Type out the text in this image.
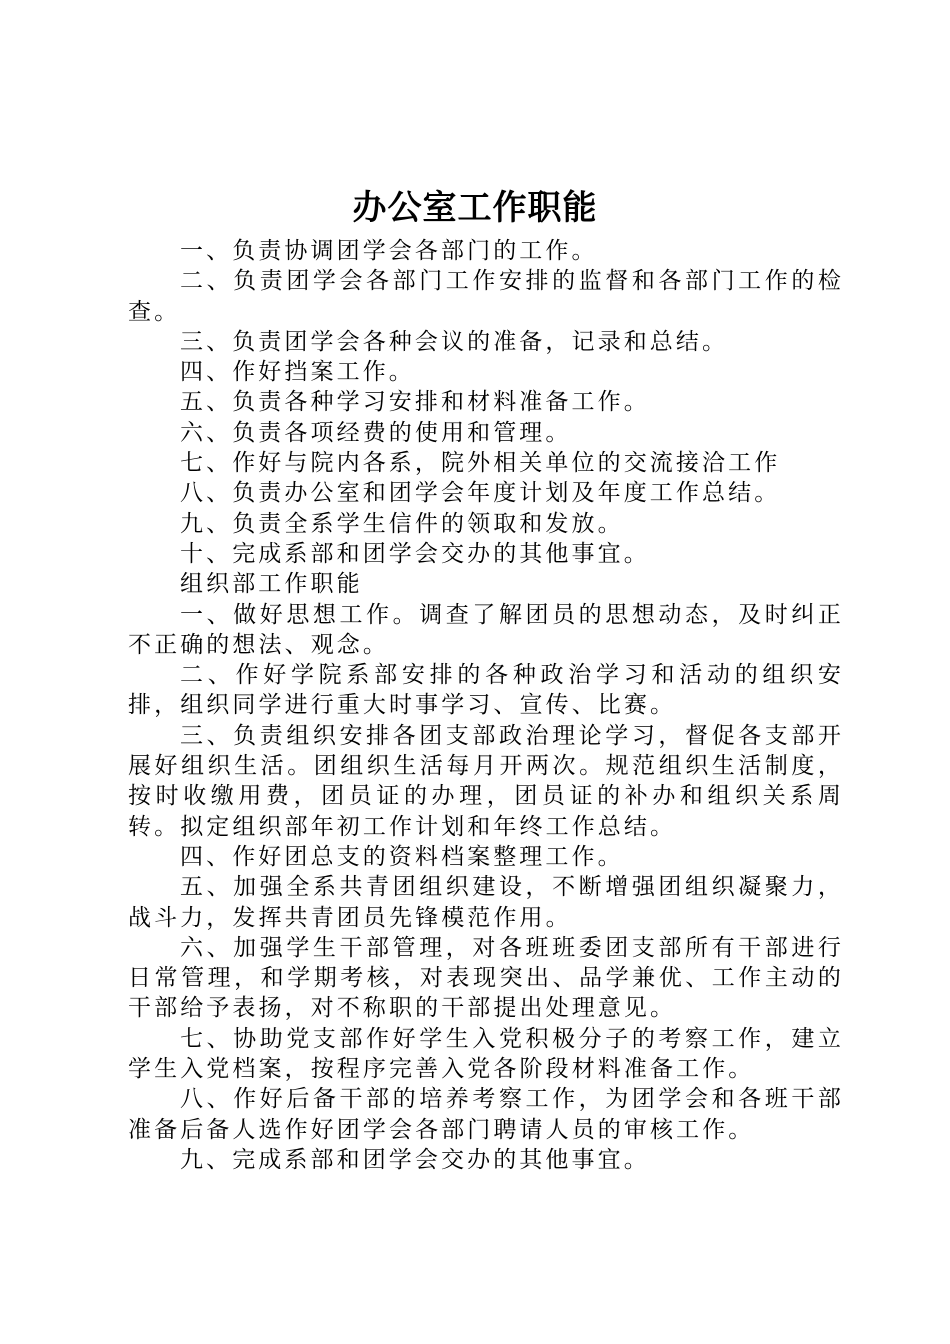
办公室工作职能

一、负责协调团学会各部门的工作。

二、负责团学会各部门工作安排的监督和各部门工作的检查。

三、负责团学会各种会议的准备，记录和总结。

四、作好挡案工作。

五、负责各种学习安排和材料准备工作。

六、负责各项经费的使用和管理。

七、作好与院内各系，院外相关单位的交流接洽工作

八、负责办公室和团学会年度计划及年度工作总结。

九、负责全系学生信件的领取和发放。

十、完成系部和团学会交办的其他事宜。

组织部工作职能

一、做好思想工作。调查了解团员的思想动态，及时纠正不正确的想法、观念。

二、作好学院系部安排的各种政治学习和活动的组织安排，组织同学进行重大时事学习、宣传、比赛。

三、负责组织安排各团支部政治理论学习，督促各支部开展好组织生活。团组织生活每月开两次。规范组织生活制度，按时收缴用费，团员证的办理，团员证的补办和组织关系周转。拟定组织部年初工作计划和年终工作总结。

四、作好团总支的资料档案整理工作。

五、加强全系共青团组织建设，不断增强团组织凝聚力，战斗力，发挥共青团员先锋模范作用。

六、加强学生干部管理，对各班班委团支部所有干部进行日常管理，和学期考核，对表现突出、品学兼优、工作主动的干部给予表扬，对不称职的干部提出处理意见。

七、协助党支部作好学生入党积极分子的考察工作，建立学生入党档案，按程序完善入党各阶段材料准备工作。

八、作好后备干部的培养考察工作，为团学会和各班干部准备后备人选作好团学会各部门聘请人员的审核工作。

九、完成系部和团学会交办的其他事宜。
